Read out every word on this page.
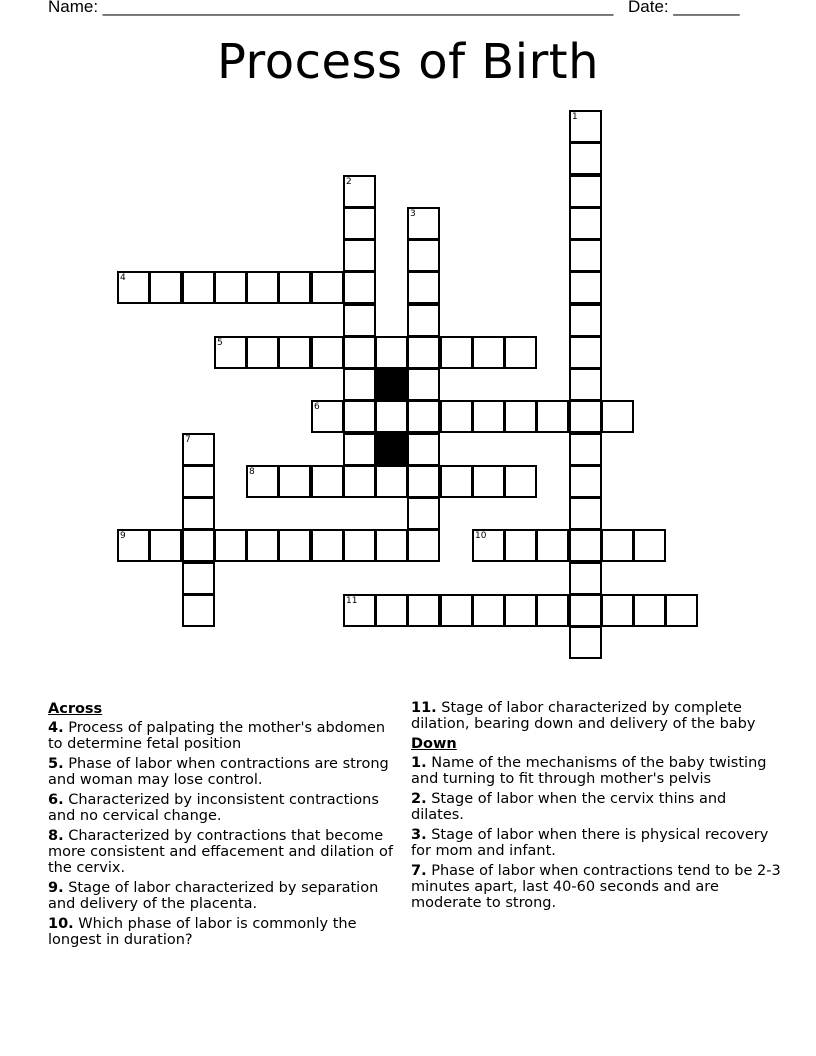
Name: ______________________________________________________ Date: _______
Process of Birth
1
2
3
4
5
6
7
8
9	10
11
Across
4. Process of palpating the mother's abdomen to determine fetal position
5. Phase of labor when contractions are strong and woman may lose control.
6. Characterized by inconsistent contractions and no cervical change.
8. Characterized by contractions that become more consistent and effacement and dilation of the cervix.
9. Stage of labor characterized by separation and delivery of the placenta.
10. Which phase of labor is commonly the longest in duration?
11. Stage of labor characterized by complete dilation, bearing down and delivery of the baby
Down
1. Name of the mechanisms of the baby twisting and turning to fit through mother's pelvis
2. Stage of labor when the cervix thins and dilates.
3. Stage of labor when there is physical recovery for mom and infant.
7. Phase of labor when contractions tend to be 2-3 minutes apart, last 40-60 seconds and are moderate to strong.
